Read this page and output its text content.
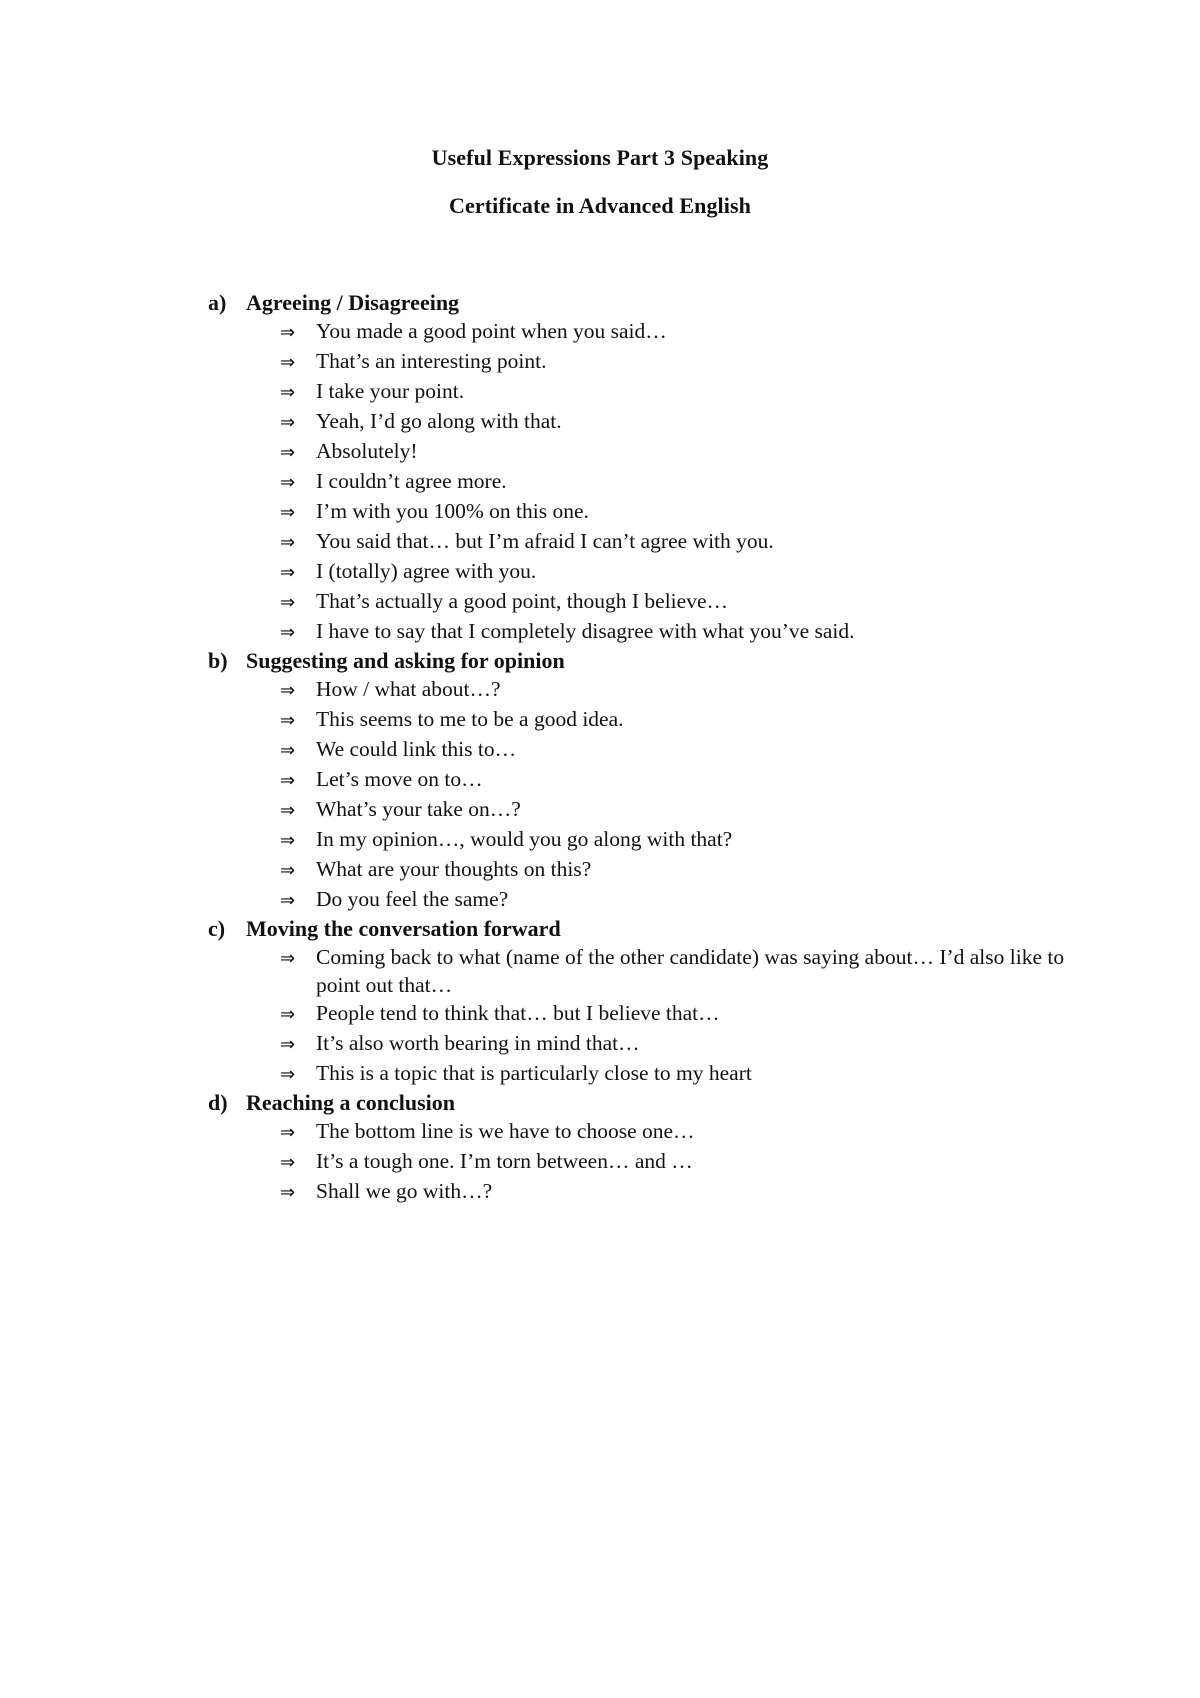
Useful Expressions Part 3 Speaking
Certificate in Advanced English
a) Agreeing / Disagreeing
⇒ You made a good point when you said…
⇒ That’s an interesting point.
⇒ I take your point.
⇒ Yeah, I’d go along with that.
⇒ Absolutely!
⇒ I couldn’t agree more.
⇒ I’m with you 100% on this one.
⇒ You said that… but I’m afraid I can’t agree with you.
⇒ I (totally) agree with you.
⇒ That’s actually a good point, though I believe…
⇒ I have to say that I completely disagree with what you’ve said.
b) Suggesting and asking for opinion
⇒ How / what about…?
⇒ This seems to me to be a good idea.
⇒ We could link this to…
⇒ Let’s move on to…
⇒ What’s your take on…?
⇒ In my opinion…, would you go along with that?
⇒ What are your thoughts on this?
⇒ Do you feel the same?
c) Moving the conversation forward
⇒ Coming back to what (name of the other candidate) was saying about… I’d also like to point out that…
⇒ People tend to think that… but I believe that…
⇒ It’s also worth bearing in mind that…
⇒ This is a topic that is particularly close to my heart
d) Reaching a conclusion
⇒ The bottom line is we have to choose one…
⇒ It’s a tough one. I’m torn between… and …
⇒ Shall we go with…?
